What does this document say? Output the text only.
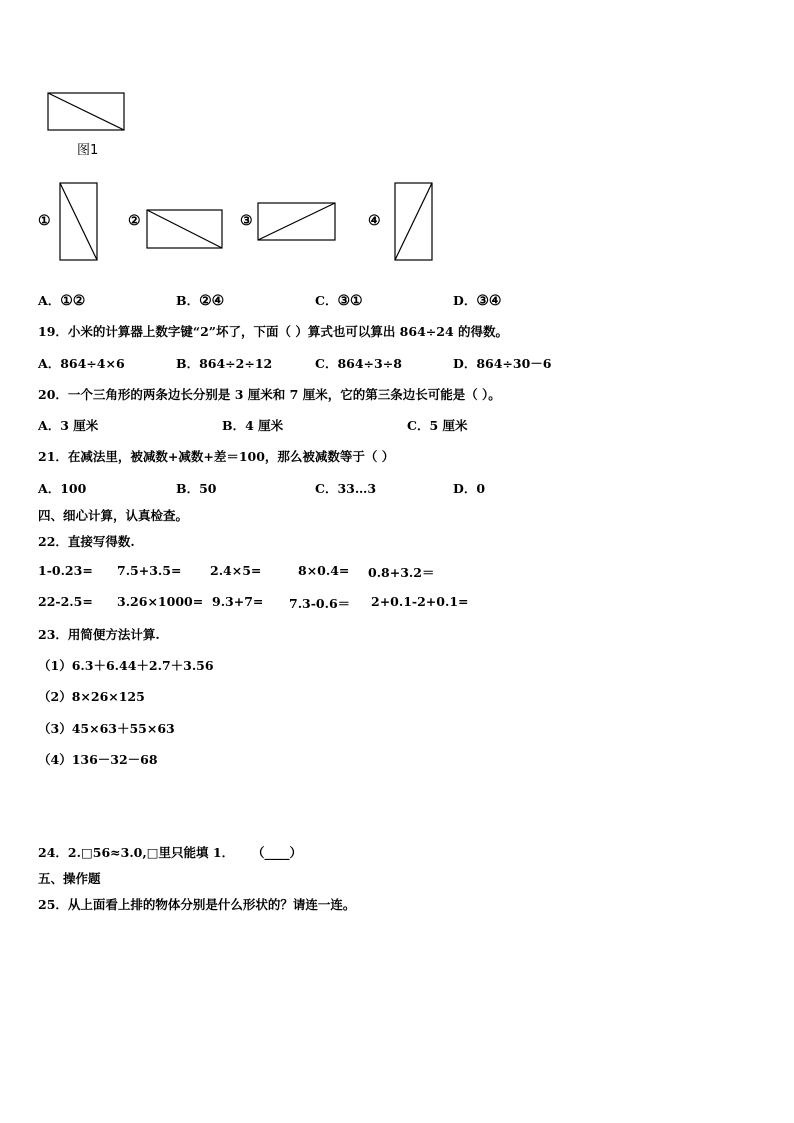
图1
①	②	③	④
A．①②	B．②④	C．③①	D．③④
19．小米的计算器上数字键“2”坏了，下面（ ）算式也可以算出 864÷24 的得数。
A．864÷4×6	B．864÷2÷12	C．864÷3÷8	D．864÷30－6
20．一个三角形的两条边长分别是 3 厘米和 7 厘米，它的第三条边长可能是（ ）。
A．3 厘米	B．4 厘米	C．5 厘米
21．在减法里，被减数+减数+差＝100，那么被减数等于（ ）
A．100	B．50	C．33…3	D．0
四、细心计算，认真检查。
22．直接写得数.
1-0.23= 7.5+3.5= 2.4×5=	8×0.4= 0.8+3.2＝
22-2.5= 3.26×1000= 9.3+7= 7.3-0.6＝ 2+0.1-2+0.1=
23．用简便方法计算.
（1）6.3＋6.44＋2.7＋3.56
（2）8×26×125
（3）45×63＋55×63
（4）136－32－68
24．2.□56≈3.0,□里只能填 1． （____）
五、操作题
25．从上面看上排的物体分别是什么形状的？请连一连。
